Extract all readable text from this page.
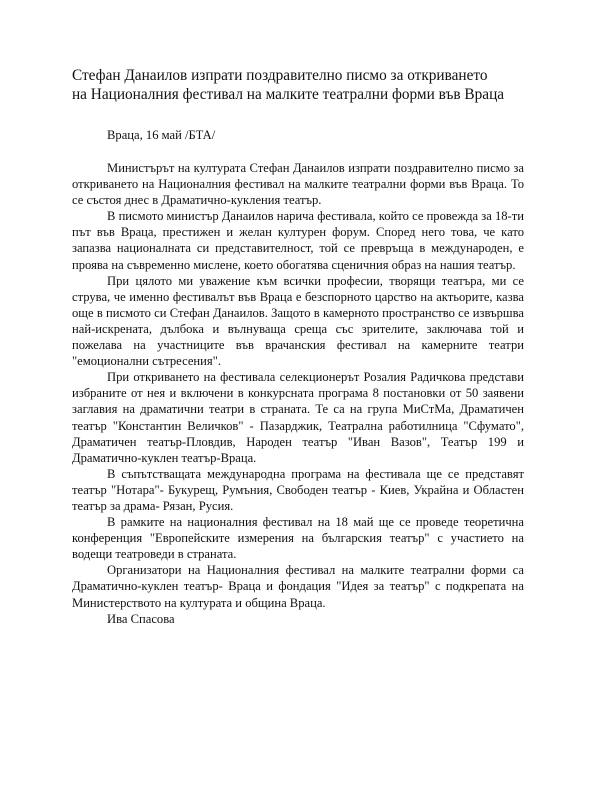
Стефан Данаилов изпрати поздравително писмо за откриването
на Националния фестивал на малките театрални форми във Враца
Враца, 16 май /БТА/

Министърът на културата Стефан Данаилов изпрати поздравително писмо за откриването на Националния фестивал на малките театрални форми във Враца. То се състоя днес в Драматично-кукления театър.

В писмото министър Данаилов нарича фестивала, който се провежда за 18-ти път във Враца, престижен и желан културен форум. Според него това, че като запазва националната си представителност, той се превръща в международен, е проява на съвременно мислене, което обогатява сценичния образ на нашия театър.

При цялото ми уважение към всички професии, творящи театъра, ми се струва, че именно фестивалът във Враца е безспорното царство на актьорите, казва още в писмото си Стефан Данаилов. Защото в камерното пространство се извършва най-искрената, дълбока и вълнуваща среща със зрителите, заключава той и пожелава на участниците във врачанския фестивал на камерните театри "емоционални сътресения".

При откриването на фестивала селекционерът Розалия Радичкова представи избраните от нея и включени в конкурсната програма 8 постановки от 50 заявени заглавия на драматични театри в страната. Те са на група МиСтМа, Драматичен театър "Константин Величков" - Пазарджик, Театрална работилница "Сфумато", Драматичен театър-Пловдив, Народен театър "Иван Вазов", Театър 199 и Драматично-куклен театър-Враца.

В съпътстващата международна програма на фестивала ще се представят театър "Нотара"- Букурещ, Румъния, Свободен театър - Киев, Украйна и Областен театър за драма- Рязан, Русия.

В рамките на националния фестивал на 18 май ще се проведе теоретична конференция "Европейските измерения на българския театър" с участието на водещи театроведи в страната.

Организатори на Националния фестивал на малките театрални форми са Драматично-куклен театър- Враца и фондация "Идея за театър" с подкрепата на Министерството на културата и община Враца.

Ива Спасова
